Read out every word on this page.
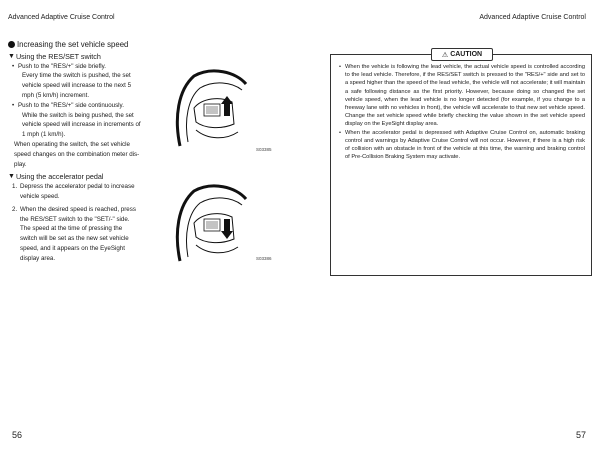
Advanced Adaptive Cruise Control	Advanced Adaptive Cruise Control
Increasing the set vehicle speed
▼ Using the RES/SET switch

• Push to the "RES/+" side briefly.

Every time the switch is pushed, the set
vehicle speed will increase to the next 5
mph (5 km/h) increment.

• Push to the "RES/+" side continuously.

While the switch is being pushed, the set
vehicle speed will increase in increments of
1 mph (1 km/h).
When operating the switch, the set vehicle
speed changes on the combination meter dis-
play.
▼ Using the accelerator pedal
1. Depress the accelerator pedal to increase
vehicle speed.
2. When the desired speed is reached, press
the RES/SET switch to the "SET/-" side.
The speed at the time of pressing the
switch will be set as the new set vehicle
speed, and it appears on the EyeSight
display area.
S03385
S03386
⚠ CAUTION

• When the vehicle is following the lead vehicle, the actual vehicle speed is controlled according to the lead vehicle. Therefore, if the RES/SET switch is pressed to the "RES/+" side and set to a speed higher than the speed of the lead vehicle, the vehicle will not accelerate; it will maintain a safe following distance as the first priority. However, because doing so changed the set vehicle speed, when the lead vehicle is no longer detected (for example, if you change to a freeway lane with no vehicles in front), the vehicle will accelerate to that new set vehicle speed. Change the set vehicle speed while briefly checking the value shown in the set vehicle speed display on the EyeSight display area.

• When the accelerator pedal is depressed with Adaptive Cruise Control on, automatic braking control and warnings by Adaptive Cruise Control will not occur. However, if there is a high risk of collision with an obstacle in front of the vehicle at this time, the warning and braking control of Pre-Collision Braking System may activate.

56	57
